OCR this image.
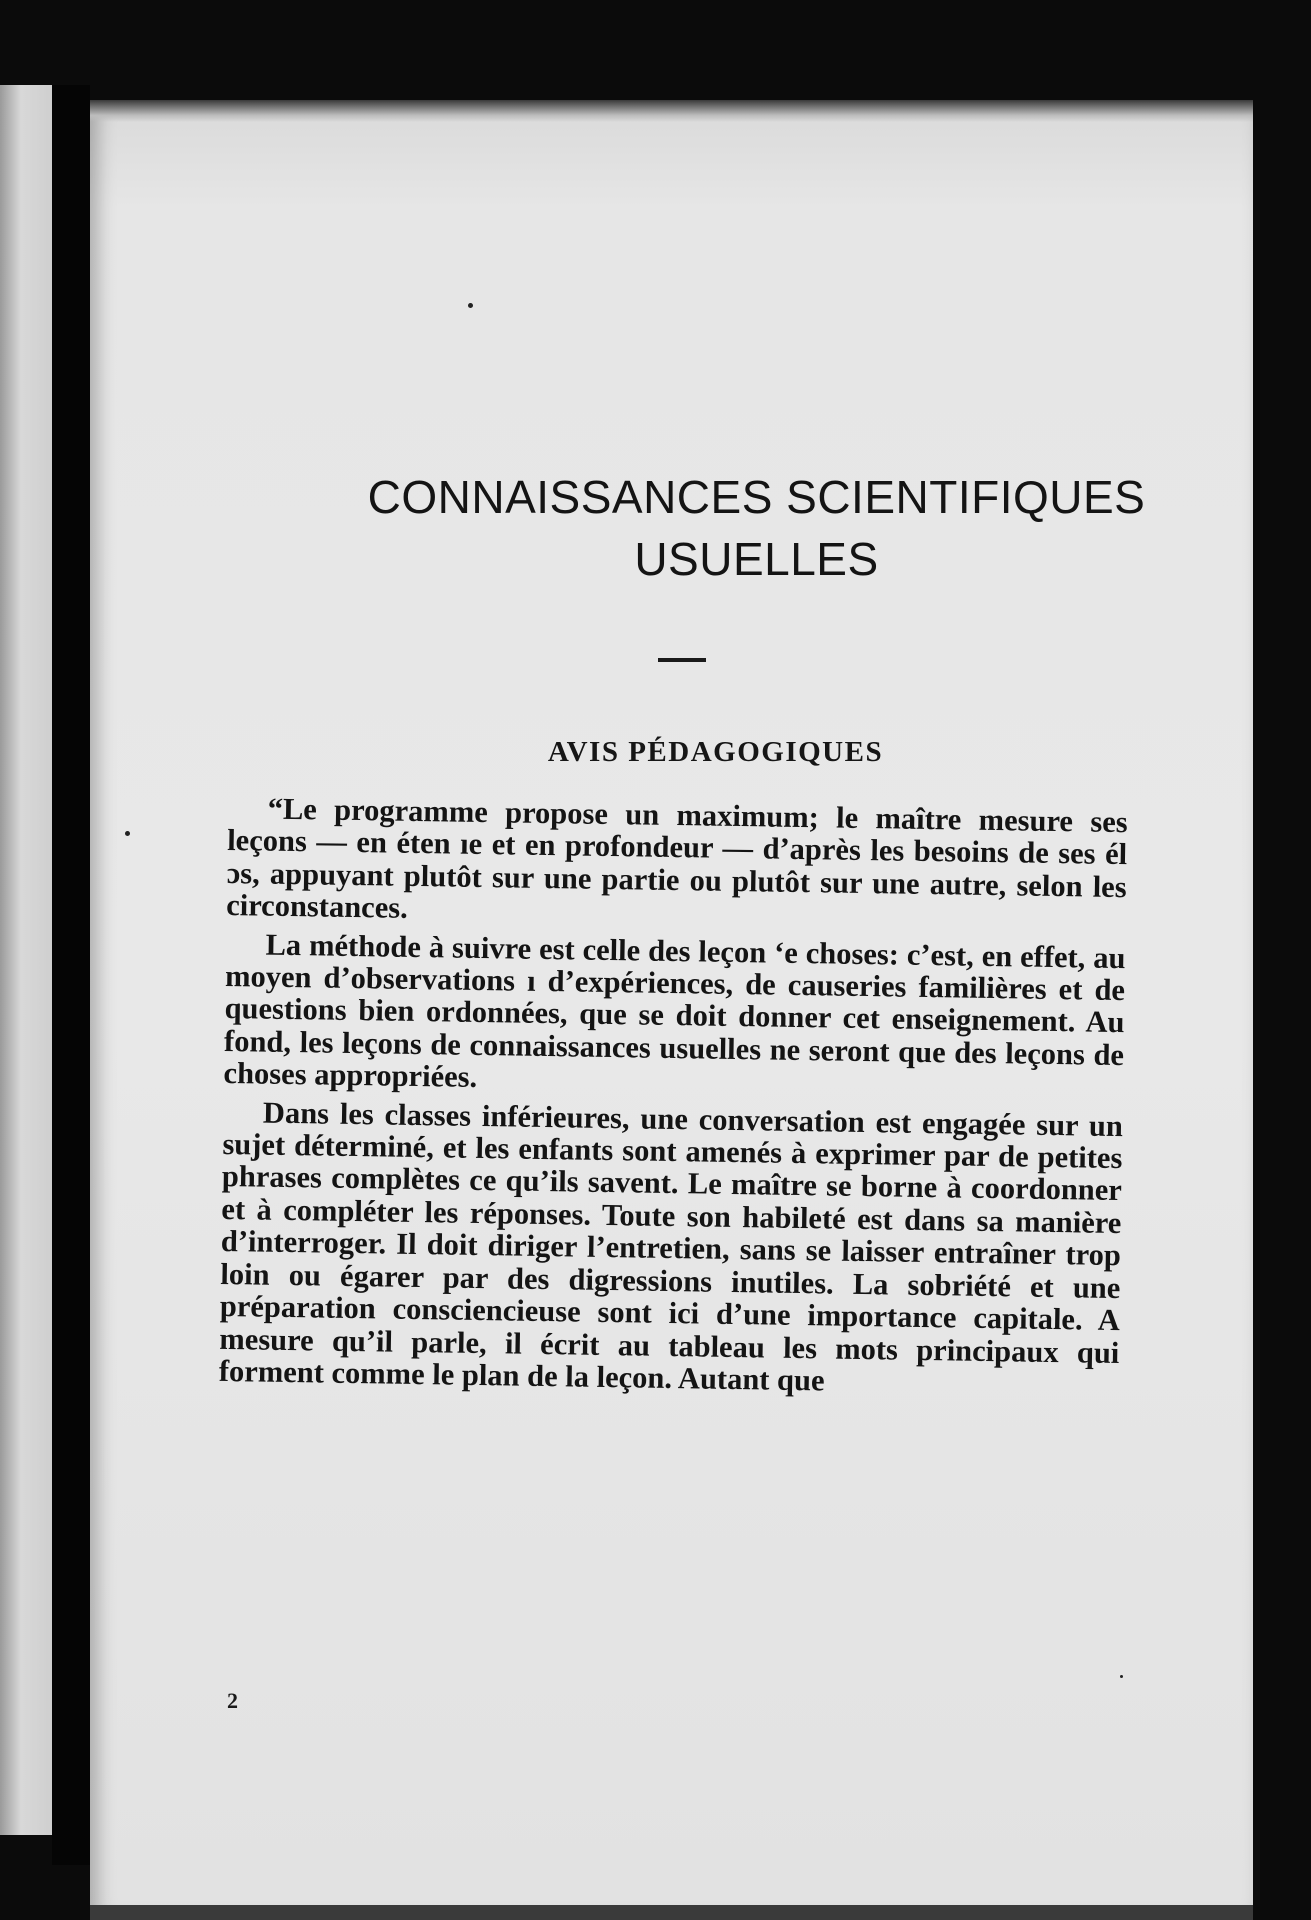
CONNAISSANCES SCIENTIFIQUES
USUELLES
AVIS PÉDAGOGIQUES

“Le programme propose un maximum; le maître mesure ses leçons — en éten ıe et en profondeur — d’après les besoins de ses él ɔs, appuyant plutôt sur une partie ou plutôt sur une autre, selon les circonstances.

La méthode à suivre est celle des leçon ʻe choses: c’est, en effet, au moyen d’observations ı d’expériences, de causeries familières et de questions bien ordonnées, que se doit donner cet enseignement. Au fond, les leçons de connaissances usuelles ne seront que des leçons de choses appropriées.

Dans les classes inférieures, une conversation est engagée sur un sujet déterminé, et les enfants sont amenés à exprimer par de petites phrases complètes ce qu’ils savent. Le maître se borne à coordonner et à compléter les réponses. Toute son habileté est dans sa manière d’interroger. Il doit diriger l’entretien, sans se laisser entraîner trop loin ou égarer par des digressions inutiles. La sobriété et une préparation consciencieuse sont ici d’une importance capitale. A mesure qu’il parle, il écrit au tableau les mots principaux qui forment comme le plan de la leçon. Autant que

2
